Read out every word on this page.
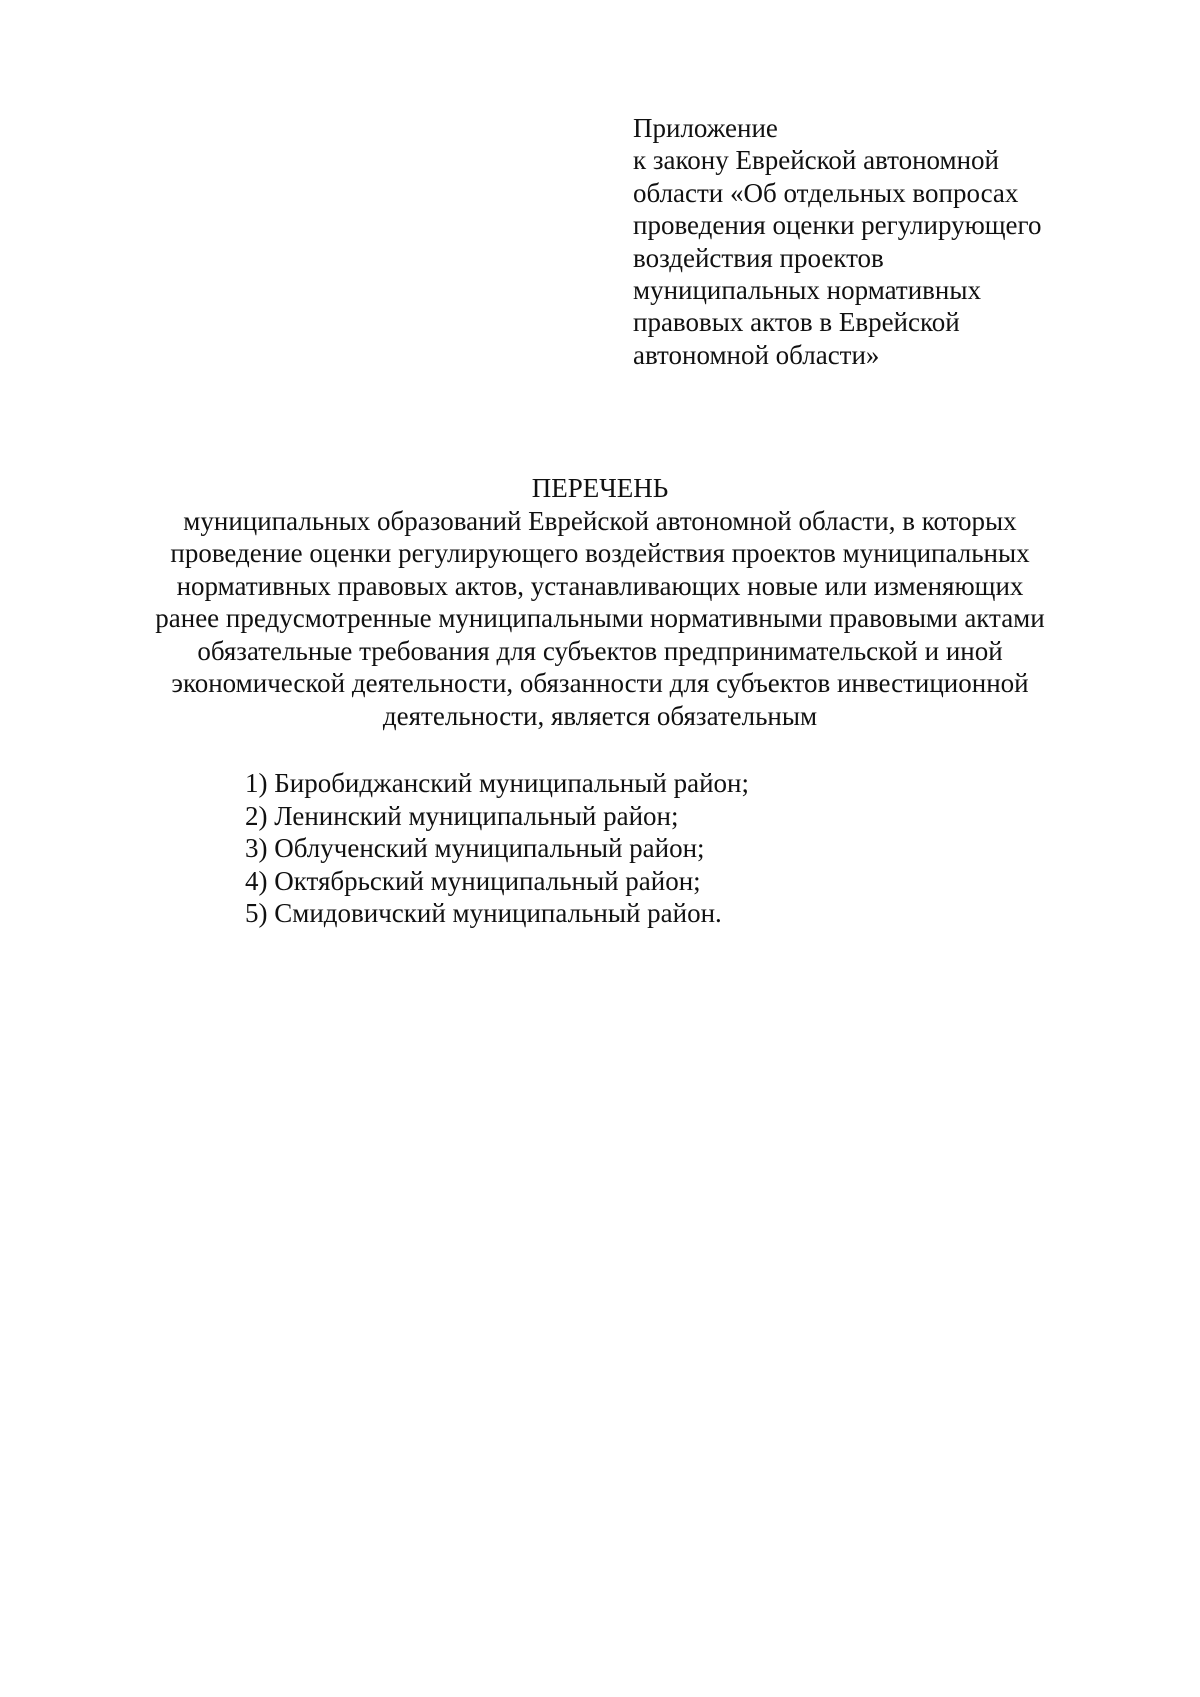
Приложение
к закону Еврейской автономной
области «Об отдельных вопросах
проведения оценки регулирующего
воздействия проектов
муниципальных нормативных
правовых актов в Еврейской
автономной области»
ПЕРЕЧЕНЬ
муниципальных образований Еврейской автономной области, в которых
проведение оценки регулирующего воздействия проектов муниципальных
нормативных правовых актов, устанавливающих новые или изменяющих
ранее предусмотренные муниципальными нормативными правовыми актами
обязательные требования для субъектов предпринимательской и иной
экономической деятельности, обязанности для субъектов инвестиционной
деятельности, является обязательным
1) Биробиджанский муниципальный район;
2) Ленинский муниципальный район;
3) Облученский муниципальный район;
4) Октябрьский муниципальный район;
5) Смидовичский муниципальный район.
